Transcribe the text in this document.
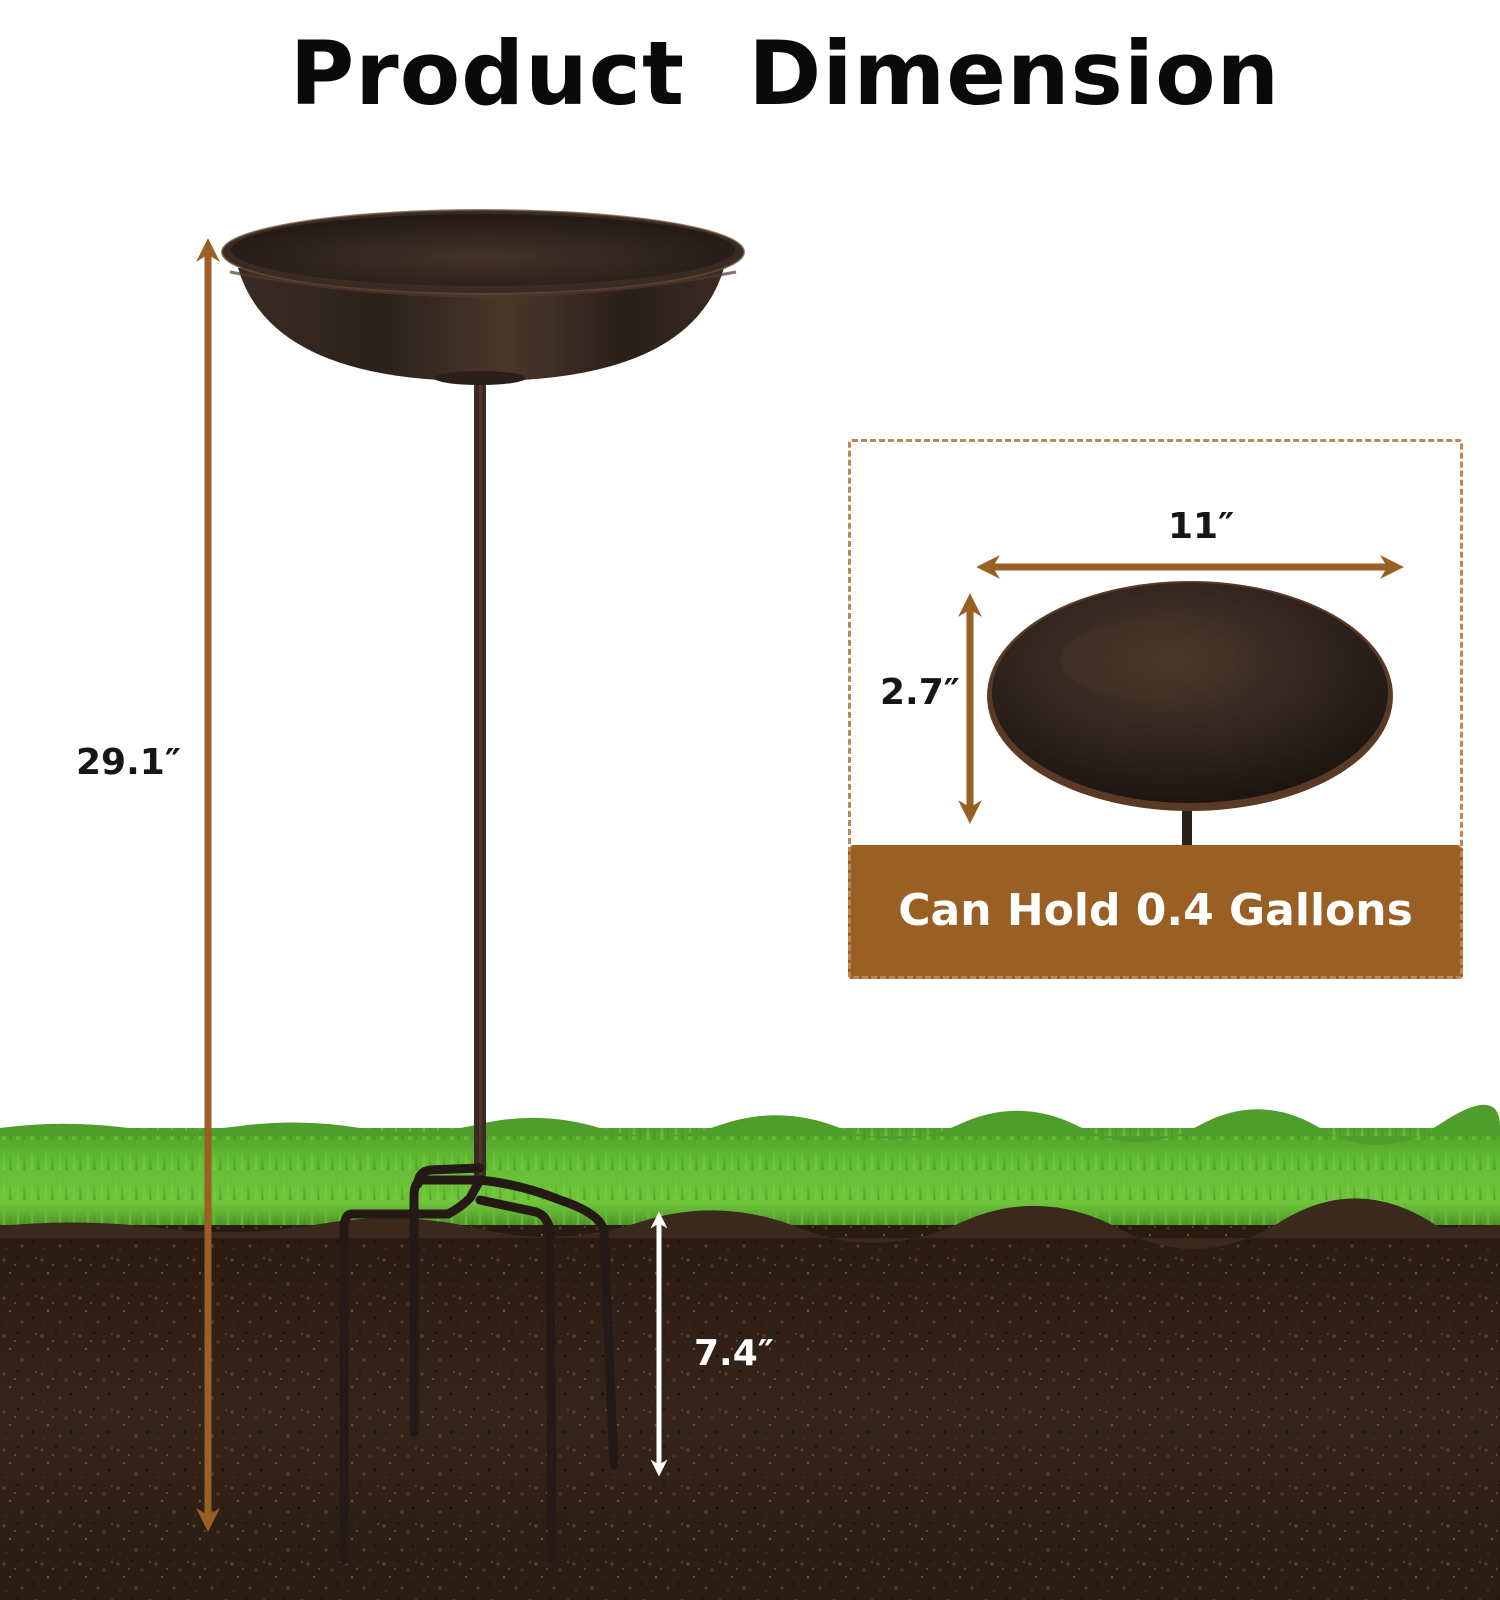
Product  Dimension
Can Hold 0.4 Gallons
29.1″
11″
2.7″
7.4″
